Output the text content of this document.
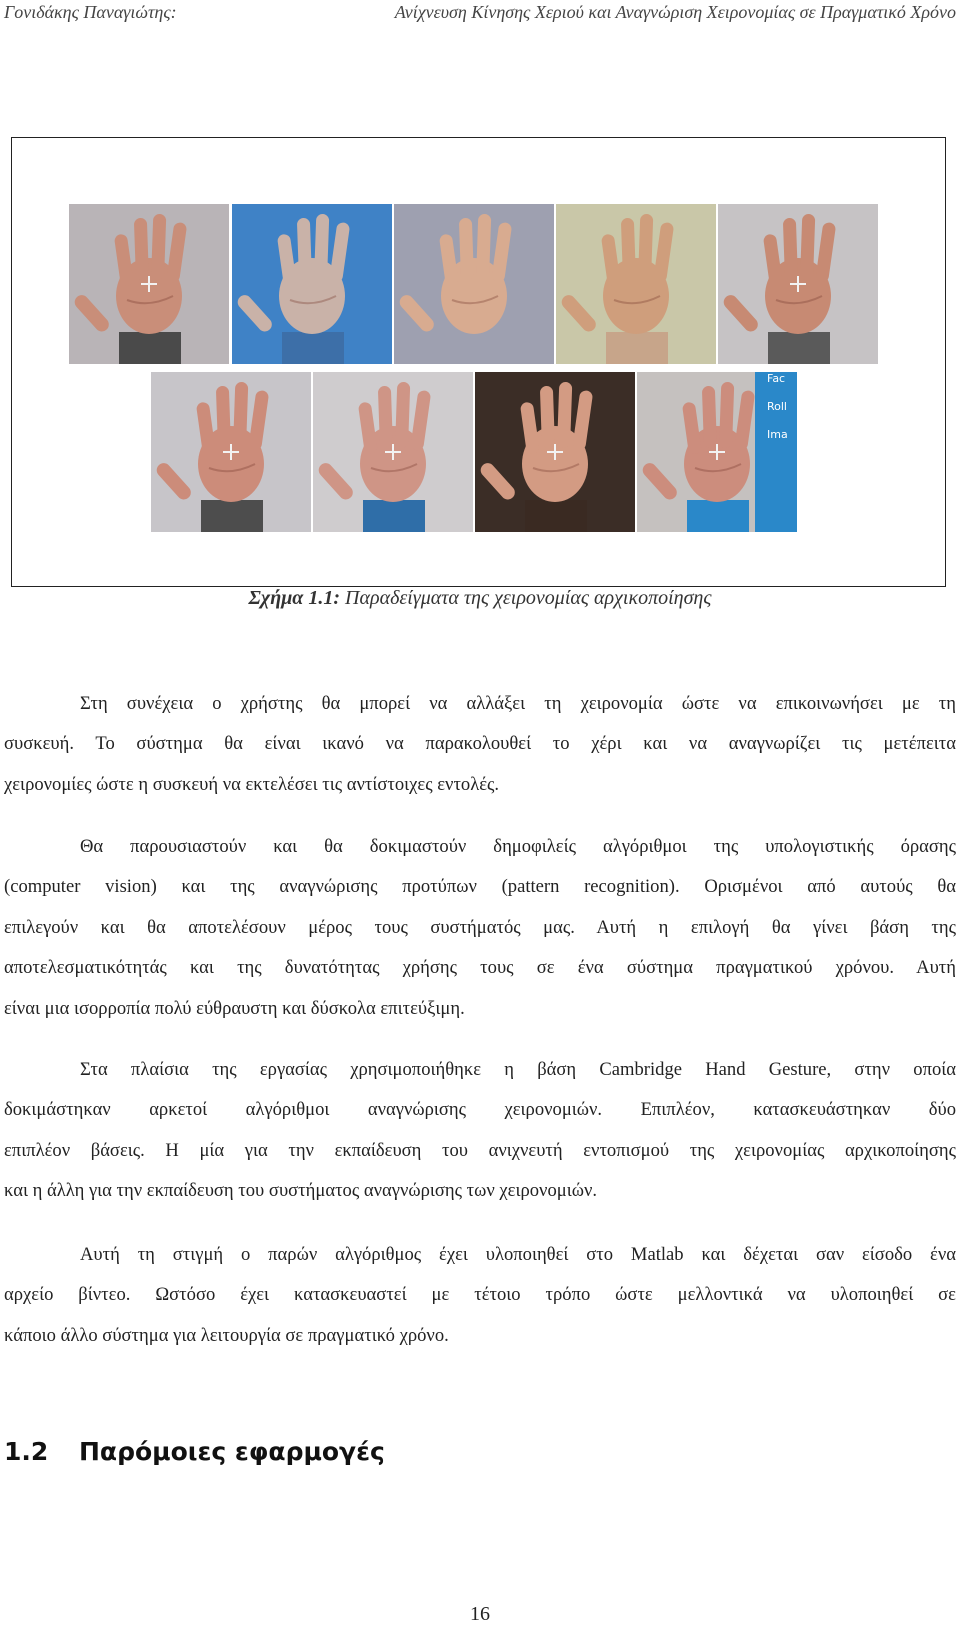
Γονιδάκης Παναγιώτης:	Ανίχνευση Κίνησης Χεριού και Αναγνώριση Χειρονομίας σε Πραγματικό Χρόνο
Fac
Roll
Ima
Σχήμα 1.1: Παραδείγματα της χειρονομίας αρχικοποίησης
Στη συνέχεια ο χρήστης θα μπορεί να αλλάξει τη χειρονομία ώστε να επικοινωνήσει με τη
συσκευή. Το σύστημα θα είναι ικανό να παρακολουθεί το χέρι και να αναγνωρίζει τις μετέπειτα
χειρονομίες ώστε η συσκευή να εκτελέσει τις αντίστοιχες εντολές.
Θα παρουσιαστούν και θα δοκιμαστούν δημοφιλείς αλγόριθμοι της υπολογιστικής όρασης
(computer vision) και της αναγνώρισης προτύπων (pattern recognition). Ορισμένοι από αυτούς θα
επιλεγούν και θα αποτελέσουν μέρος τους συστήματός μας. Αυτή η επιλογή θα γίνει βάση της
αποτελεσματικότητάς και της δυνατότητας χρήσης τους σε ένα σύστημα πραγματικού χρόνου. Αυτή
είναι μια ισορροπία πολύ εύθραυστη και δύσκολα επιτεύξιμη.
Στα πλαίσια της εργασίας χρησιμοποιήθηκε η βάση Cambridge Hand Gesture, στην οποία
δοκιμάστηκαν αρκετοί αλγόριθμοι αναγνώρισης χειρονομιών. Επιπλέον, κατασκευάστηκαν δύο
επιπλέον βάσεις. Η μία για την εκπαίδευση του ανιχνευτή εντοπισμού της χειρονομίας αρχικοποίησης
και η άλλη για την εκπαίδευση του συστήματος αναγνώρισης των χειρονομιών.
Αυτή τη στιγμή ο παρών αλγόριθμος έχει υλοποιηθεί στο Matlab και δέχεται σαν είσοδο ένα
αρχείο βίντεο. Ωστόσο έχει κατασκευαστεί με τέτοιο τρόπο ώστε μελλοντικά να υλοποιηθεί σε
κάποιο άλλο σύστημα για λειτουργία σε πραγματικό χρόνο.
1.2 Παρόμοιες εφαρμογές
16
